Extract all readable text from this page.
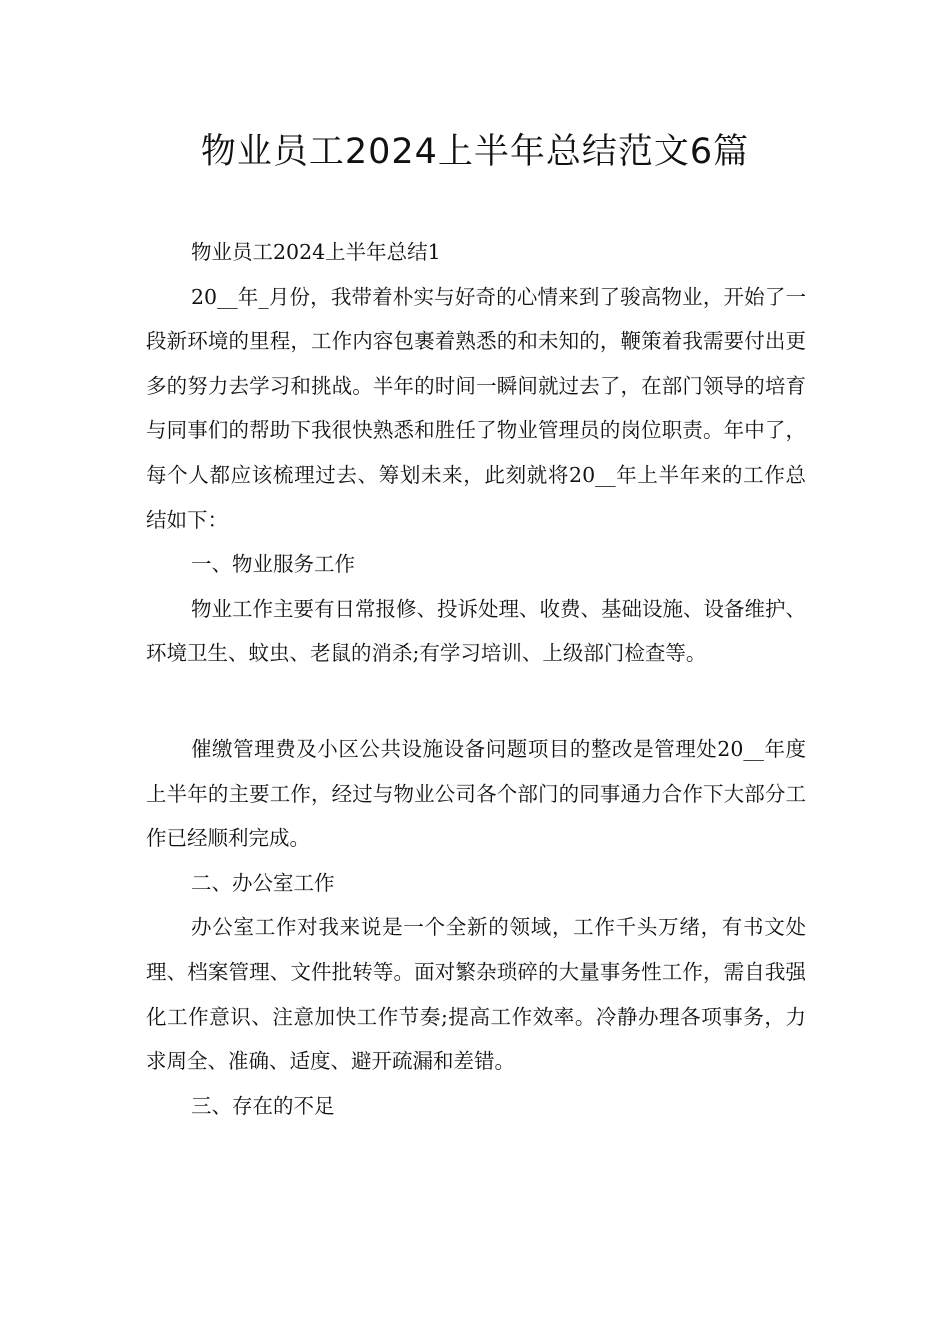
物业员工2024上半年总结范文6篇

物业员工2024上半年总结1

20__年_月份，我带着朴实与好奇的心情来到了骏高物业，开始了一段新环境的里程，工作内容包裹着熟悉的和未知的，鞭策着我需要付出更多的努力去学习和挑战。半年的时间一瞬间就过去了，在部门领导的培育与同事们的帮助下我很快熟悉和胜任了物业管理员的岗位职责。年中了，每个人都应该梳理过去、筹划未来，此刻就将20__年上半年来的工作总结如下：

一、物业服务工作

物业工作主要有日常报修、投诉处理、收费、基础设施、设备维护、环境卫生、蚊虫、老鼠的消杀;有学习培训、上级部门检查等。

催缴管理费及小区公共设施设备问题项目的整改是管理处20__年度上半年的主要工作，经过与物业公司各个部门的同事通力合作下大部分工作已经顺利完成。

二、办公室工作

办公室工作对我来说是一个全新的领域，工作千头万绪，有书文处理、档案管理、文件批转等。面对繁杂琐碎的大量事务性工作，需自我强化工作意识、注意加快工作节奏;提高工作效率。冷静办理各项事务，力求周全、准确、适度、避开疏漏和差错。

三、存在的不足
